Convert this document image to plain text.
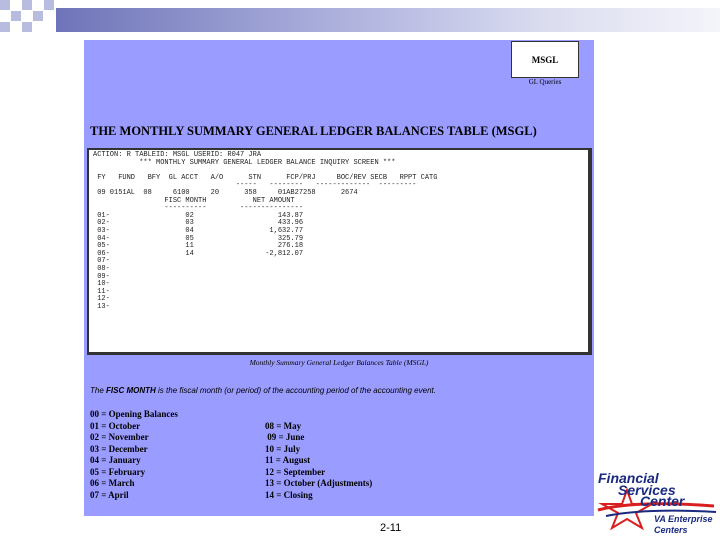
MSGL
GL Queries
THE MONTHLY SUMMARY GENERAL LEDGER BALANCES TABLE (MSGL)
ACTION: R TABLEID: MSGL USERID: R047 JRA
*** MONTHLY SUMMARY GENERAL LEDGER BALANCE INQUIRY SCREEN ***

FY   FUND   BFY  GL ACCT   A/O      STN      FCP/PRJ     BOC/REV SECB   RPPT CATG
-----   --------   -------------  ---------
09 0151AL  08     6100     20      358     01AB27258      2674
FISC MONTH           NET AMOUNT
----------        ---------------
01-                  02                    143.87
02-                  03                    433.96
03-                  04                  1,632.77
04-                  05                    325.79
05-                  11                    276.18
06-                  14                 -2,812.07
07-
08-
09-
10-
11-
12-
13-
Monthly Summary General Ledger Balances Table (MSGL)
The FISC MONTH is the fiscal month (or period) of the accounting period of the accounting event.
00 = Opening Balances
01 = October
02 = November
03 = December
04 = January
05 = February
06 = March
07 = April
08 = May
09 = June
10 = July
11 = August
12 = September
13 = October (Adjustments)
14 = Closing
2-11
Financial
Services
Center
VA Enterprise
Centers
